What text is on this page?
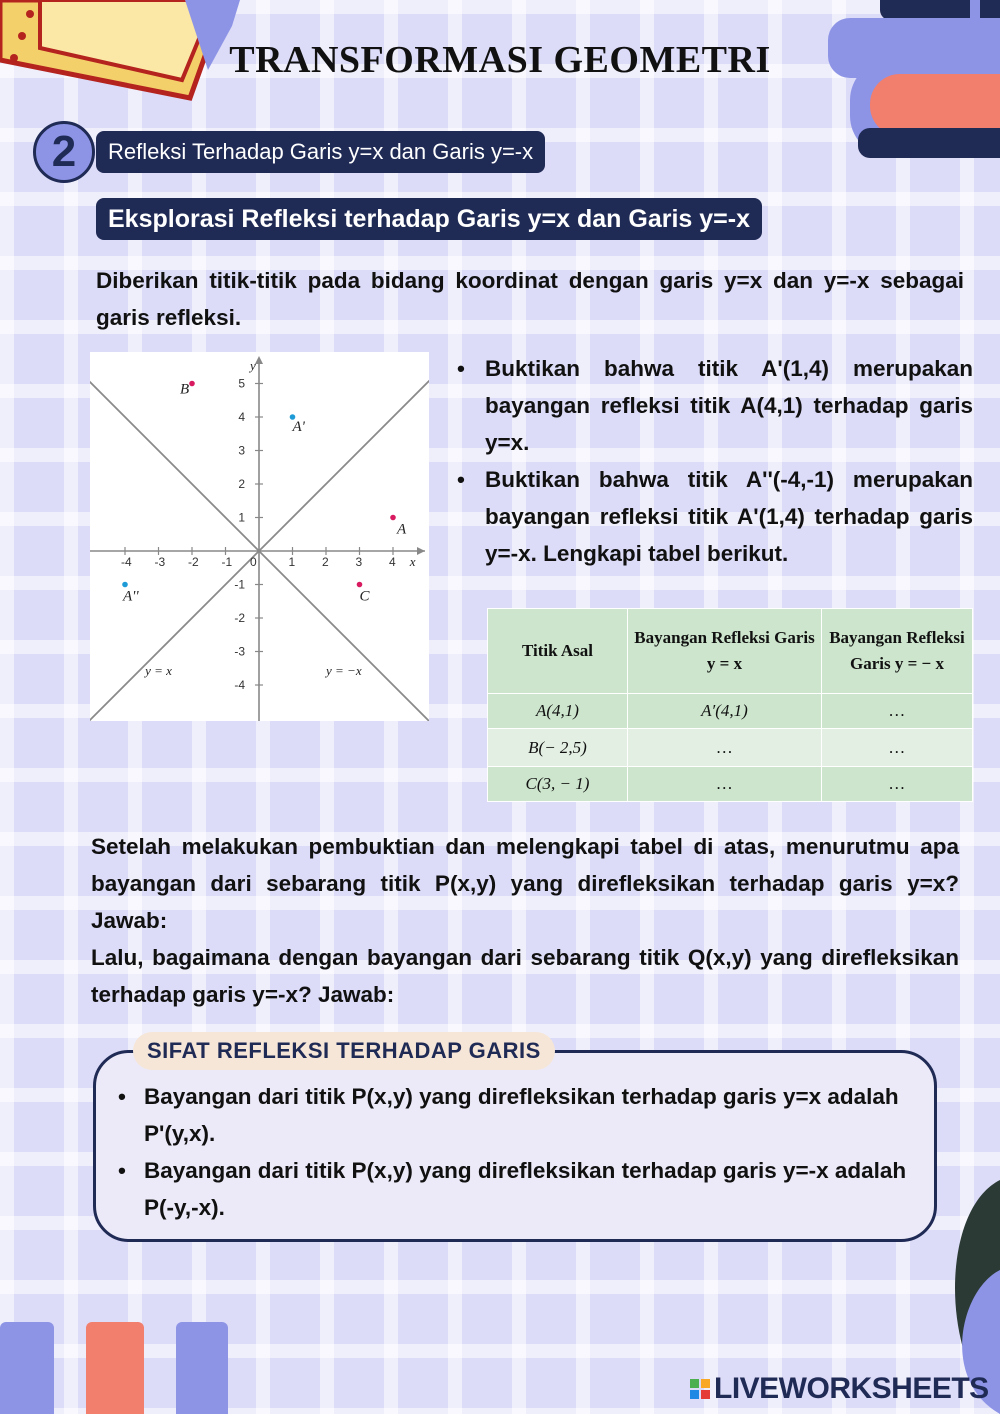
TRANSFORMASI GEOMETRI
2	Refleksi Terhadap Garis y=x dan Garis y=-x
Eksplorasi Refleksi terhadap Garis y=x dan Garis y=-x
Diberikan titik-titik pada bidang koordinat dengan garis y=x dan y=-x sebagai garis refleksi.
x
y
-4 -3 -2 -1 0	1 2 3 4
5
4
3
2
1
-1
-2
-3
-4
y = x	y = −x
A
A'
A''
B
C
• Buktikan bahwa titik A'(1,4) merupakan bayangan refleksi titik A(4,1) terhadap garis y=x.
• Buktikan bahwa titik A''(-4,-1) merupakan bayangan refleksi titik A'(1,4) terhadap garis y=-x. Lengkapi tabel berikut.
Titik Asal	Bayangan Refleksi Garis y = x	Bayangan Refleksi Garis y = − x
A(4,1)	A′(4,1)	…
B(− 2,5)	…	…
C(3, − 1)	…	…
Setelah melakukan pembuktian dan melengkapi tabel di atas, menurutmu apa bayangan dari sebarang titik P(x,y) yang direfleksikan terhadap garis y=x? Jawab:
Lalu, bagaimana dengan bayangan dari sebarang titik Q(x,y) yang direfleksikan terhadap garis y=-x? Jawab:
SIFAT REFLEKSI TERHADAP GARIS
• Bayangan dari titik P(x,y) yang direfleksikan terhadap garis y=x adalah P'(y,x).
• Bayangan dari titik P(x,y) yang direfleksikan terhadap garis y=-x adalah P(-y,-x).
LIVEWORKSHEETS
